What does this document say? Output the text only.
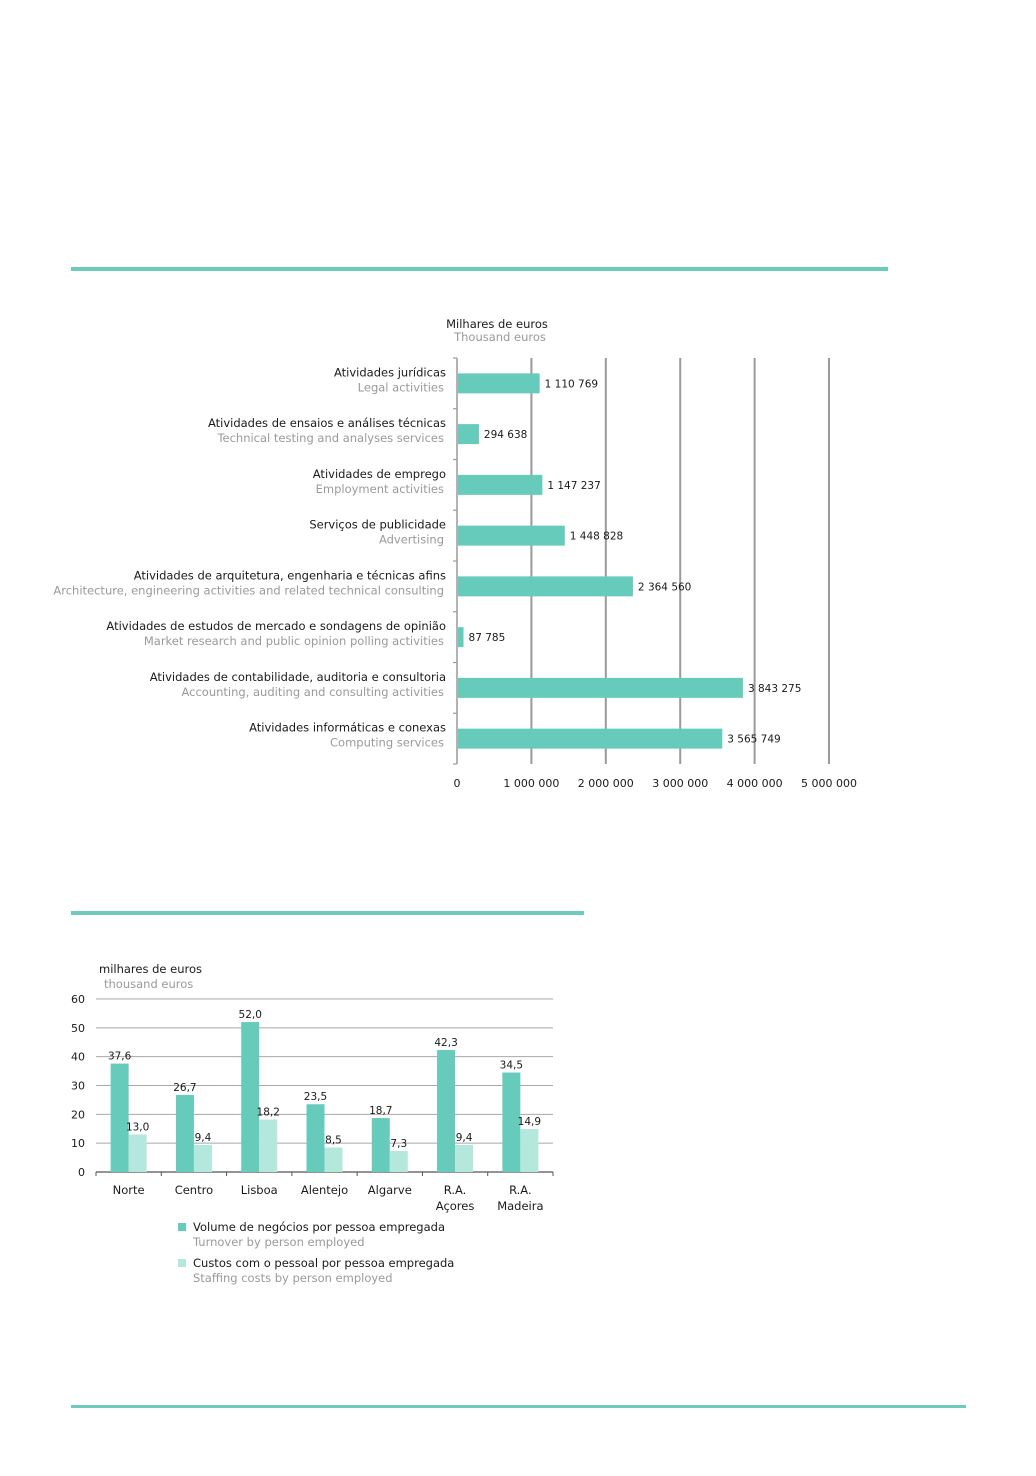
Milhares de euros
Thousand euros
1 110 769
Atividades jurídicas
Legal activities
294 638
Atividades de ensaios e análises técnicas
Technical testing and analyses services
1 147 237
Atividades de emprego
Employment activities
1 448 828
Serviços de publicidade
Advertising
2 364 560
Atividades de arquitetura, engenharia e técnicas afins
Architecture, engineering activities and related technical consulting
87 785
Atividades de estudos de mercado e sondagens de opinião
Market research and public opinion polling activities
3 843 275
Atividades de contabilidade, auditoria e consultoria
Accounting, auditing and consulting activities
3 565 749
Atividades informáticas e conexas
Computing services
0	1 000 000 2 000 000 3 000 000 4 000 000 5 000 000
milhares de euros
thousand euros
37,6
13,0
26,7
9,4
52,0
18,2
23,5
8,5
18,7
7,3
42,3
9,4
34,5
14,9
0
10
20
30
40
50
60
Norte	Centro Lisboa Alentejo Algarve	R.A.
Açores
R.A.
Madeira
Volume de negócios por pessoa empregada
Turnover by person employed
Custos com o pessoal por pessoa empregada
Staffing costs by person employed
